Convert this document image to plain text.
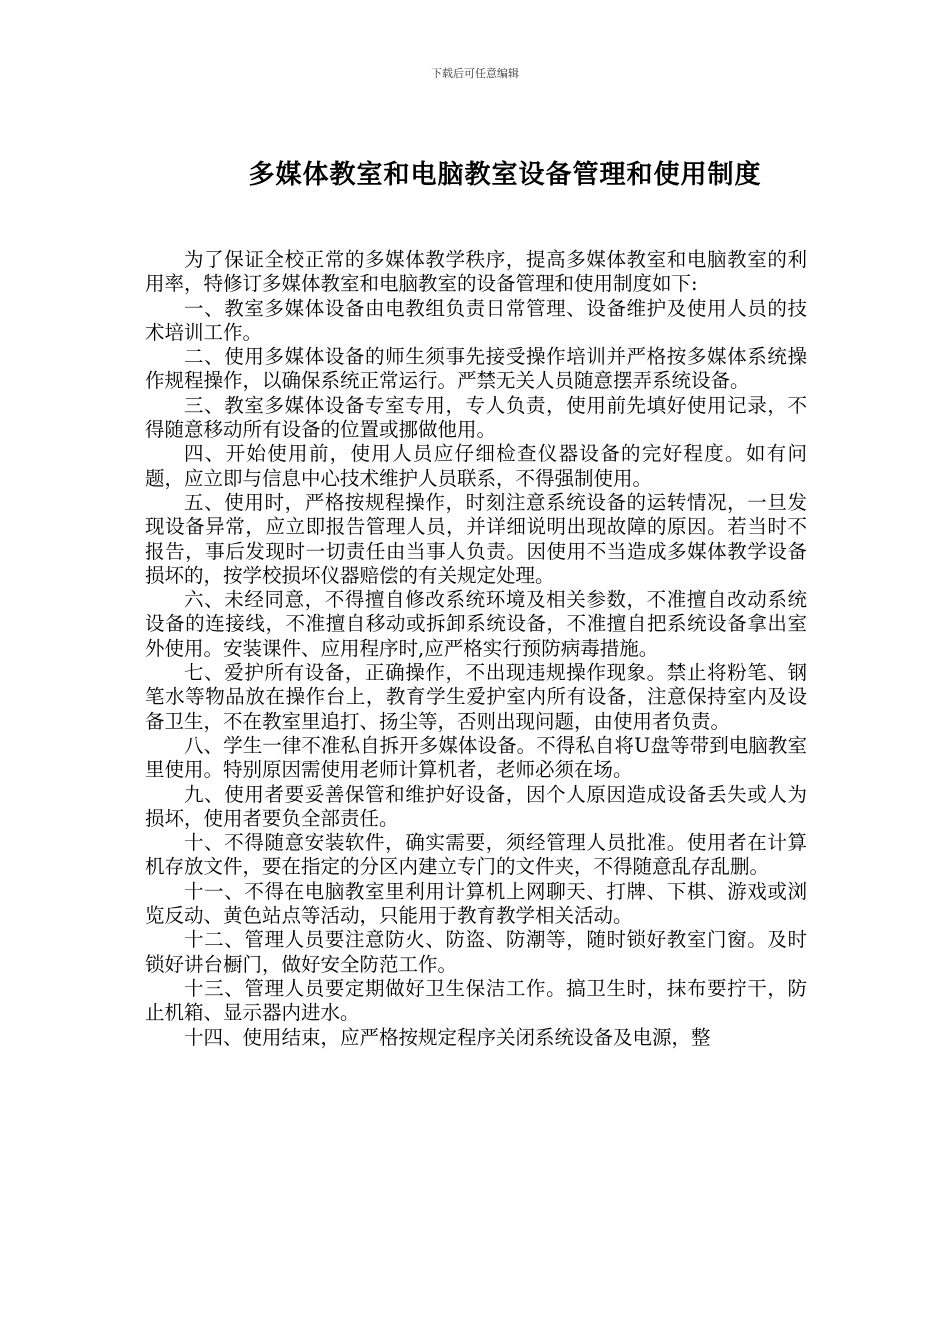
下载后可任意编辑
多媒体教室和电脑教室设备管理和使用制度

为了保证全校正常的多媒体教学秩序，提高多媒体教室和电脑教室的利用率，特修订多媒体教室和电脑教室的设备管理和使用制度如下:

一、教室多媒体设备由电教组负责日常管理、设备维护及使用人员的技术培训工作。

二、使用多媒体设备的师生须事先接受操作培训并严格按多媒体系统操作规程操作，以确保系统正常运行。严禁无关人员随意摆弄系统设备。

三、教室多媒体设备专室专用，专人负责，使用前先填好使用记录，不得随意移动所有设备的位置或挪做他用。

四、开始使用前，使用人员应仔细检查仪器设备的完好程度。如有问题，应立即与信息中心技术维护人员联系，不得强制使用。

五、使用时，严格按规程操作，时刻注意系统设备的运转情况，一旦发现设备异常，应立即报告管理人员，并详细说明出现故障的原因。若当时不报告，事后发现时一切责任由当事人负责。因使用不当造成多媒体教学设备损坏的，按学校损坏仪器赔偿的有关规定处理。

六、未经同意，不得擅自修改系统环境及相关参数，不准擅自改动系统设备的连接线，不准擅自移动或拆卸系统设备，不准擅自把系统设备拿出室外使用。安装课件、应用程序时,应严格实行预防病毒措施。

七、爱护所有设备，正确操作，不出现违规操作现象。禁止将粉笔、钢笔水等物品放在操作台上，教育学生爱护室内所有设备，注意保持室内及设备卫生，不在教室里追打、扬尘等，否则出现问题，由使用者负责。

八、学生一律不准私自拆开多媒体设备。不得私自将U盘等带到电脑教室里使用。特别原因需使用老师计算机者，老师必须在场。

九、使用者要妥善保管和维护好设备，因个人原因造成设备丢失或人为损坏，使用者要负全部责任。

十、不得随意安装软件，确实需要，须经管理人员批准。使用者在计算机存放文件，要在指定的分区内建立专门的文件夹，不得随意乱存乱删。

十一、不得在电脑教室里利用计算机上网聊天、打牌、下棋、游戏或浏览反动、黄色站点等活动，只能用于教育教学相关活动。

十二、管理人员要注意防火、防盗、防潮等，随时锁好教室门窗。及时锁好讲台橱门，做好安全防范工作。

十三、管理人员要定期做好卫生保洁工作。搞卫生时，抹布要拧干，防止机箱、显示器内进水。

十四、使用结束，应严格按规定程序关闭系统设备及电源，整
